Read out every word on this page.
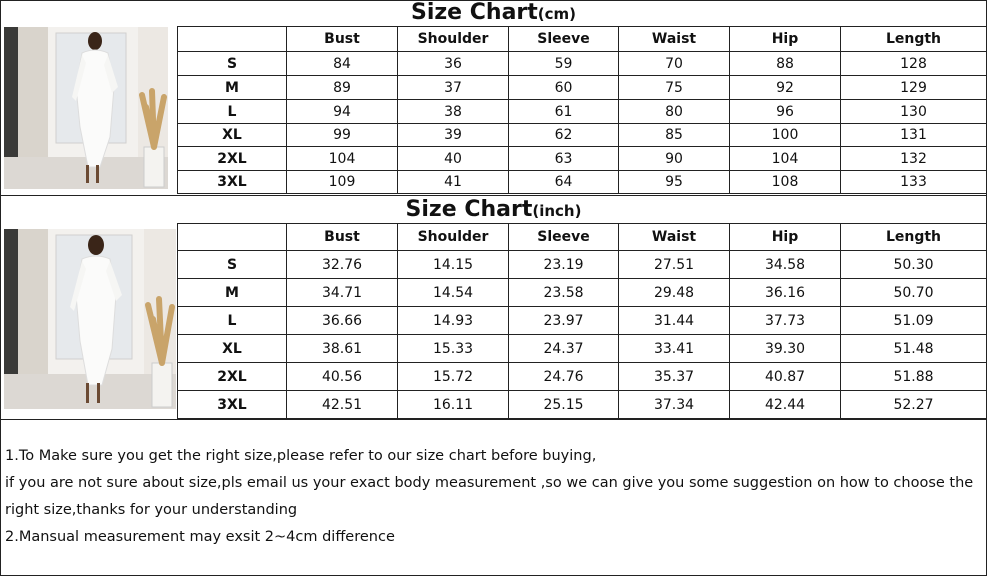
Size Chart(cm)
	Bust	Shoulder	Sleeve	Waist	Hip	Length
S	84	36	59	70	88	128
M	89	37	60	75	92	129
L	94	38	61	80	96	130
XL	99	39	62	85	100	131
2XL	104	40	63	90	104	132
3XL	109	41	64	95	108	133
Size Chart(inch)
	Bust	Shoulder	Sleeve	Waist	Hip	Length
S	32.76	14.15	23.19	27.51	34.58	50.30
M	34.71	14.54	23.58	29.48	36.16	50.70
L	36.66	14.93	23.97	31.44	37.73	51.09
XL	38.61	15.33	24.37	33.41	39.30	51.48
2XL	40.56	15.72	24.76	35.37	40.87	51.88
3XL	42.51	16.11	25.15	37.34	42.44	52.27

1.To Make sure you get the right size,please refer to our size chart before buying,

if you are not sure about size,pls email us your exact body measurement ,so we can give you some suggestion on how to choose the

right size,thanks for your understanding

2.Mansual measurement may exsit 2~4cm difference
